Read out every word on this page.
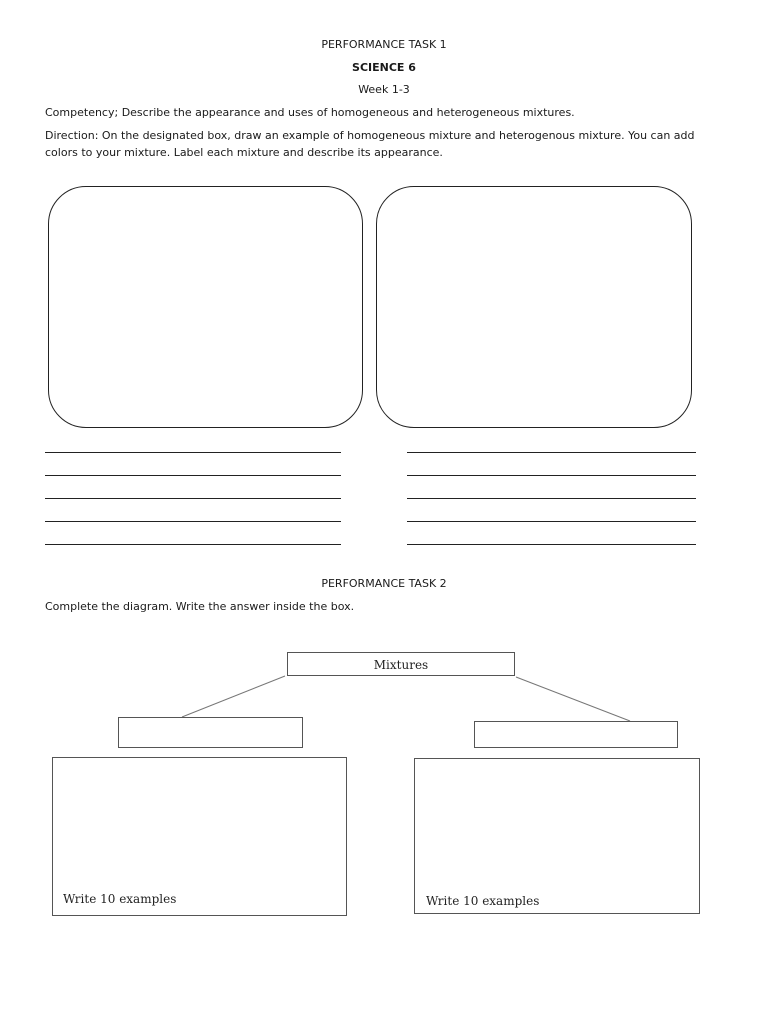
PERFORMANCE TASK 1
SCIENCE 6
Week 1-3
Competency; Describe the appearance and uses of homogeneous and heterogeneous mixtures.
Direction: On the designated box, draw an example of homogeneous mixture and heterogenous mixture. You can add colors to your mixture. Label each mixture and describe its appearance.
PERFORMANCE TASK 2
Complete the diagram. Write the answer inside the box.
Mixtures
Write 10 examples	Write 10 examples
